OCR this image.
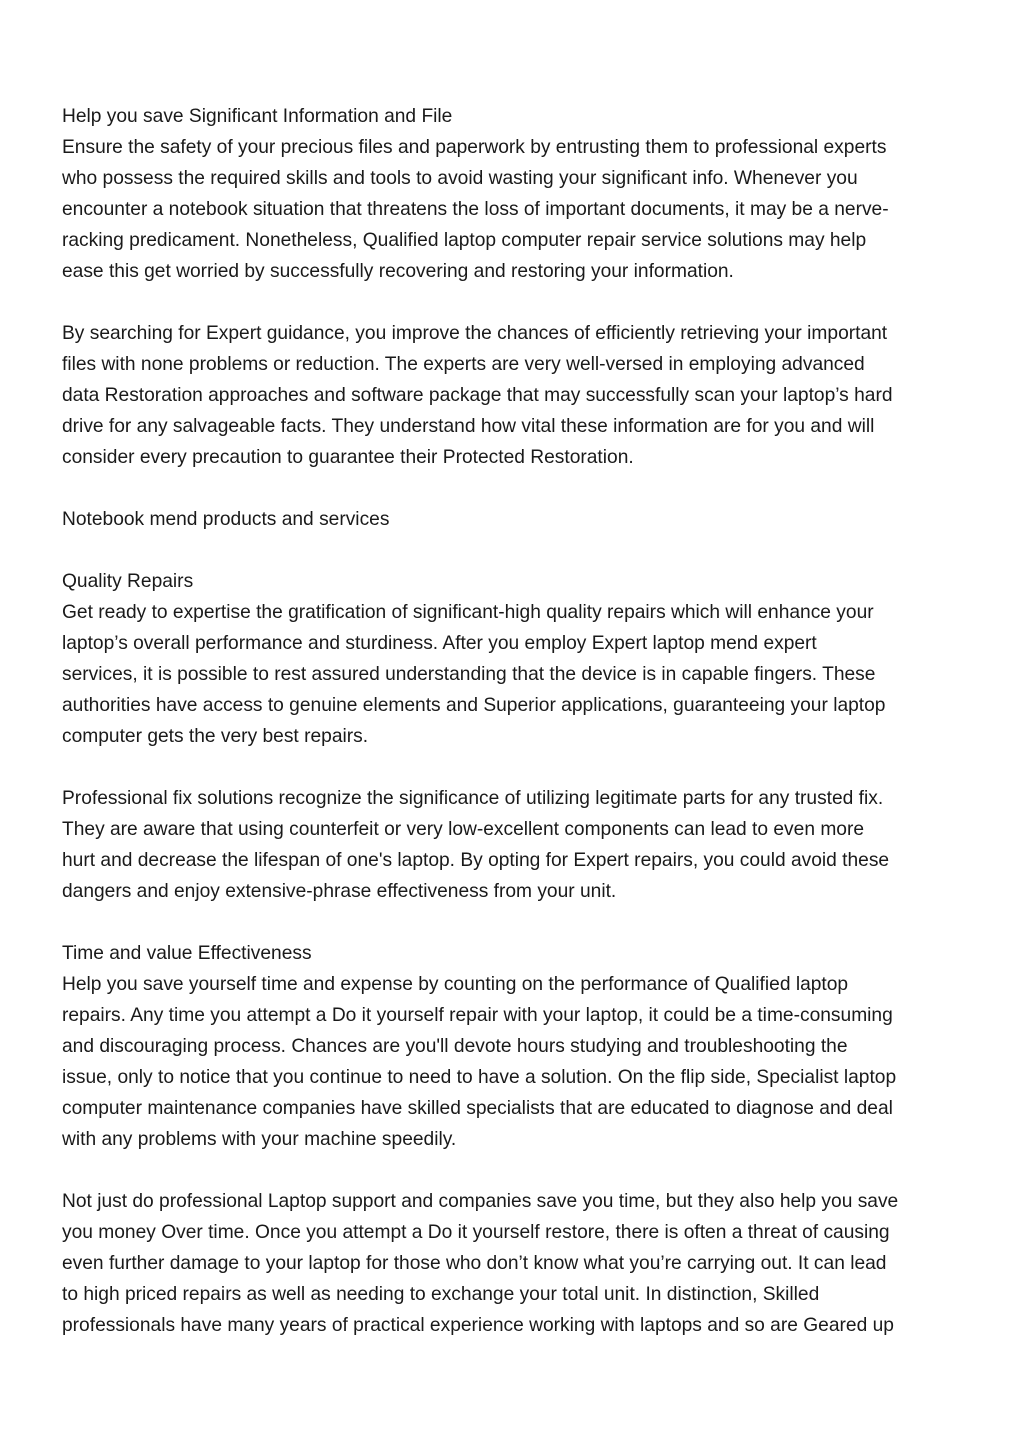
Help you save Significant Information and File
Ensure the safety of your precious files and paperwork by entrusting them to professional experts
who possess the required skills and tools to avoid wasting your significant info. Whenever you
encounter a notebook situation that threatens the loss of important documents, it may be a nerve-
racking predicament. Nonetheless, Qualified laptop computer repair service solutions may help
ease this get worried by successfully recovering and restoring your information.
By searching for Expert guidance, you improve the chances of efficiently retrieving your important
files with none problems or reduction. The experts are very well-versed in employing advanced
data Restoration approaches and software package that may successfully scan your laptop’s hard
drive for any salvageable facts. They understand how vital these information are for you and will
consider every precaution to guarantee their Protected Restoration.
Notebook mend products and services
Quality Repairs
Get ready to expertise the gratification of significant-high quality repairs which will enhance your
laptop’s overall performance and sturdiness. After you employ Expert laptop mend expert
services, it is possible to rest assured understanding that the device is in capable fingers. These
authorities have access to genuine elements and Superior applications, guaranteeing your laptop
computer gets the very best repairs.
Professional fix solutions recognize the significance of utilizing legitimate parts for any trusted fix.
They are aware that using counterfeit or very low-excellent components can lead to even more
hurt and decrease the lifespan of one's laptop. By opting for Expert repairs, you could avoid these
dangers and enjoy extensive-phrase effectiveness from your unit.
Time and value Effectiveness
Help you save yourself time and expense by counting on the performance of Qualified laptop
repairs. Any time you attempt a Do it yourself repair with your laptop, it could be a time-consuming
and discouraging process. Chances are you'll devote hours studying and troubleshooting the
issue, only to notice that you continue to need to have a solution. On the flip side, Specialist laptop
computer maintenance companies have skilled specialists that are educated to diagnose and deal
with any problems with your machine speedily.
Not just do professional Laptop support and companies save you time, but they also help you save
you money Over time. Once you attempt a Do it yourself restore, there is often a threat of causing
even further damage to your laptop for those who don’t know what you’re carrying out. It can lead
to high priced repairs as well as needing to exchange your total unit. In distinction, Skilled
professionals have many years of practical experience working with laptops and so are Geared up
